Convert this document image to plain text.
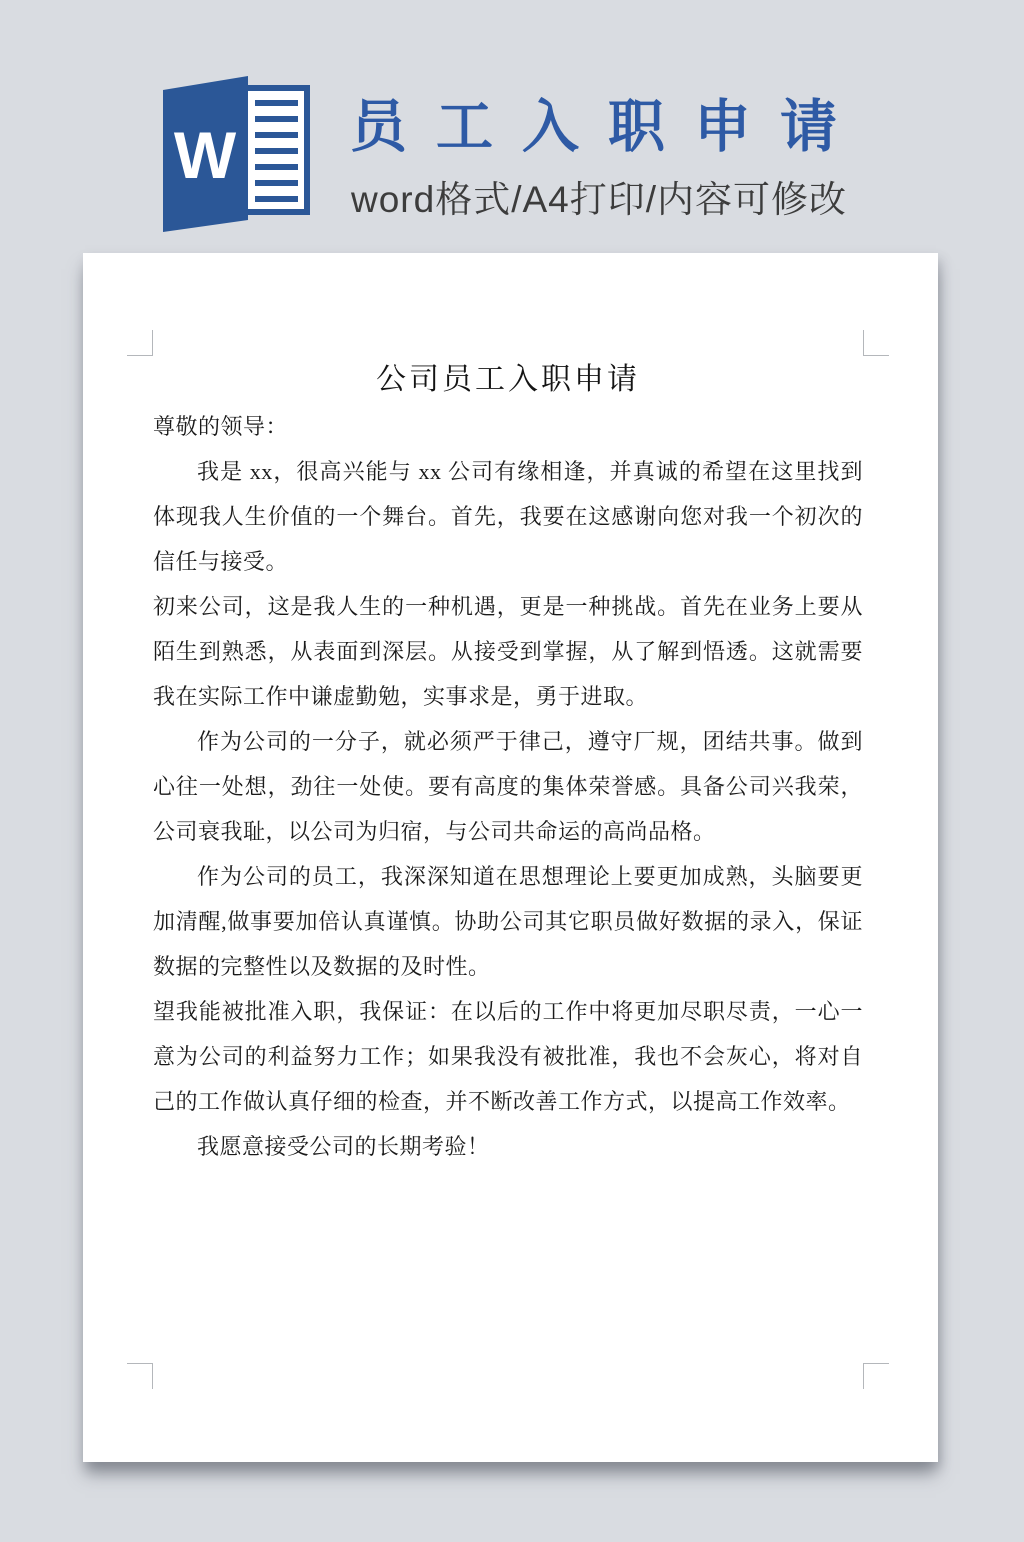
W 员工入职申请
word格式/A4打印/内容可修改
公司员工入职申请

尊敬的领导：

我是 xx，很高兴能与 xx 公司有缘相逢，并真诚的希望在这里找到体现我人生价值的一个舞台。首先，我要在这感谢向您对我一个初次的信任与接受。

初来公司，这是我人生的一种机遇，更是一种挑战。首先在业务上要从陌生到熟悉，从表面到深层。从接受到掌握，从了解到悟透。这就需要我在实际工作中谦虚勤勉，实事求是，勇于进取。

作为公司的一分子，就必须严于律己，遵守厂规，团结共事。做到心往一处想，劲往一处使。要有高度的集体荣誉感。具备公司兴我荣，公司衰我耻，以公司为归宿，与公司共命运的高尚品格。

作为公司的员工，我深深知道在思想理论上要更加成熟，头脑要更加清醒,做事要加倍认真谨慎。协助公司其它职员做好数据的录入，保证数据的完整性以及数据的及时性。

望我能被批准入职，我保证：在以后的工作中将更加尽职尽责，一心一意为公司的利益努力工作；如果我没有被批准，我也不会灰心，将对自己的工作做认真仔细的检查，并不断改善工作方式，以提高工作效率。

我愿意接受公司的长期考验！
